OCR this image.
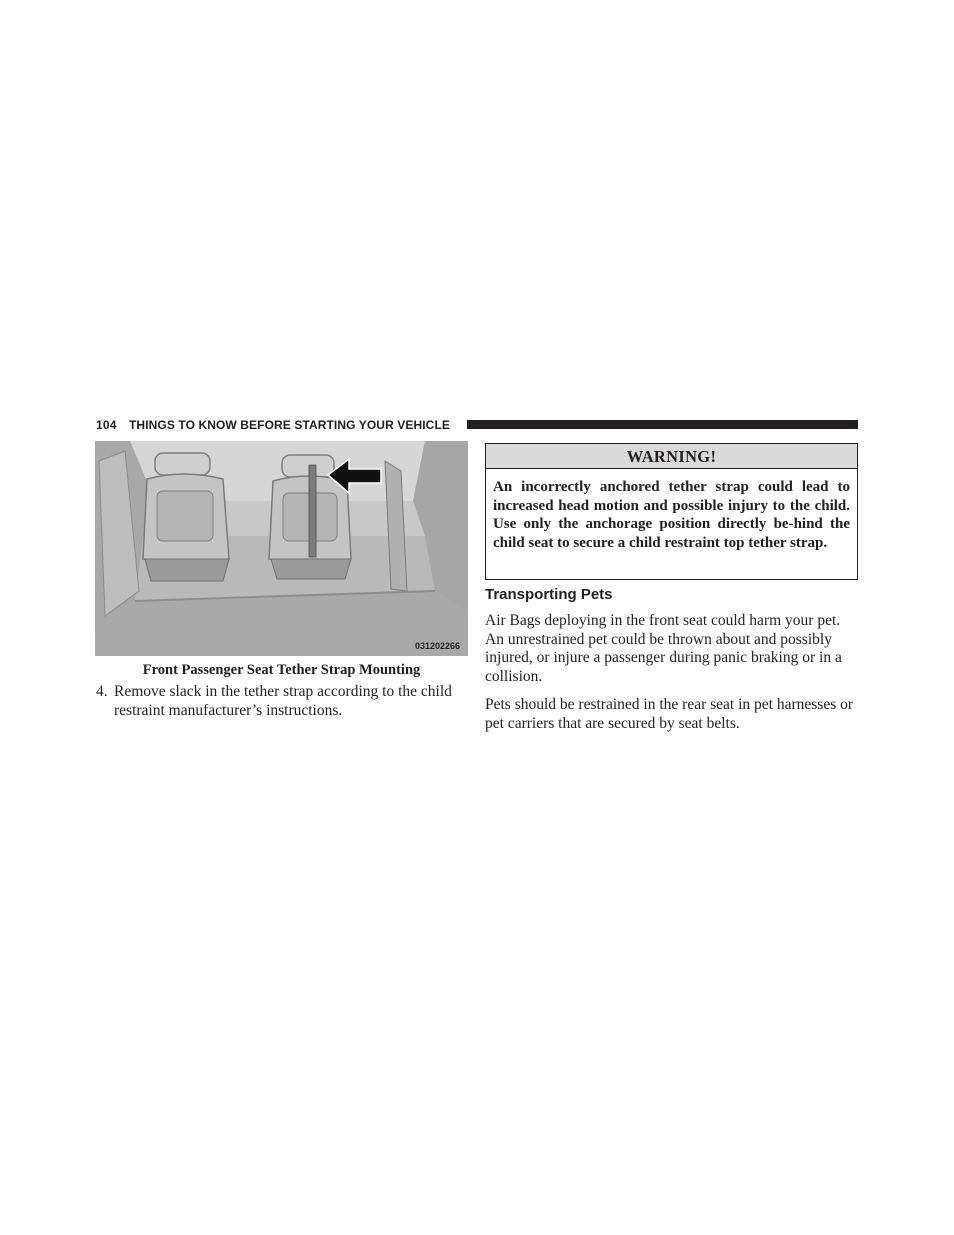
104 THINGS TO KNOW BEFORE STARTING YOUR VEHICLE
031202266
Front Passenger Seat Tether Strap Mounting
4. Remove slack in the tether strap according to the child restraint manufacturer’s instructions.
WARNING!
An incorrectly anchored tether strap could lead to increased head motion and possible injury to the child. Use only the anchorage position directly be-hind the child seat to secure a child restraint top tether strap.
Transporting Pets
Air Bags deploying in the front seat could harm your pet. An unrestrained pet could be thrown about and possibly injured, or injure a passenger during panic braking or in a collision.
Pets should be restrained in the rear seat in pet harnesses or pet carriers that are secured by seat belts.
